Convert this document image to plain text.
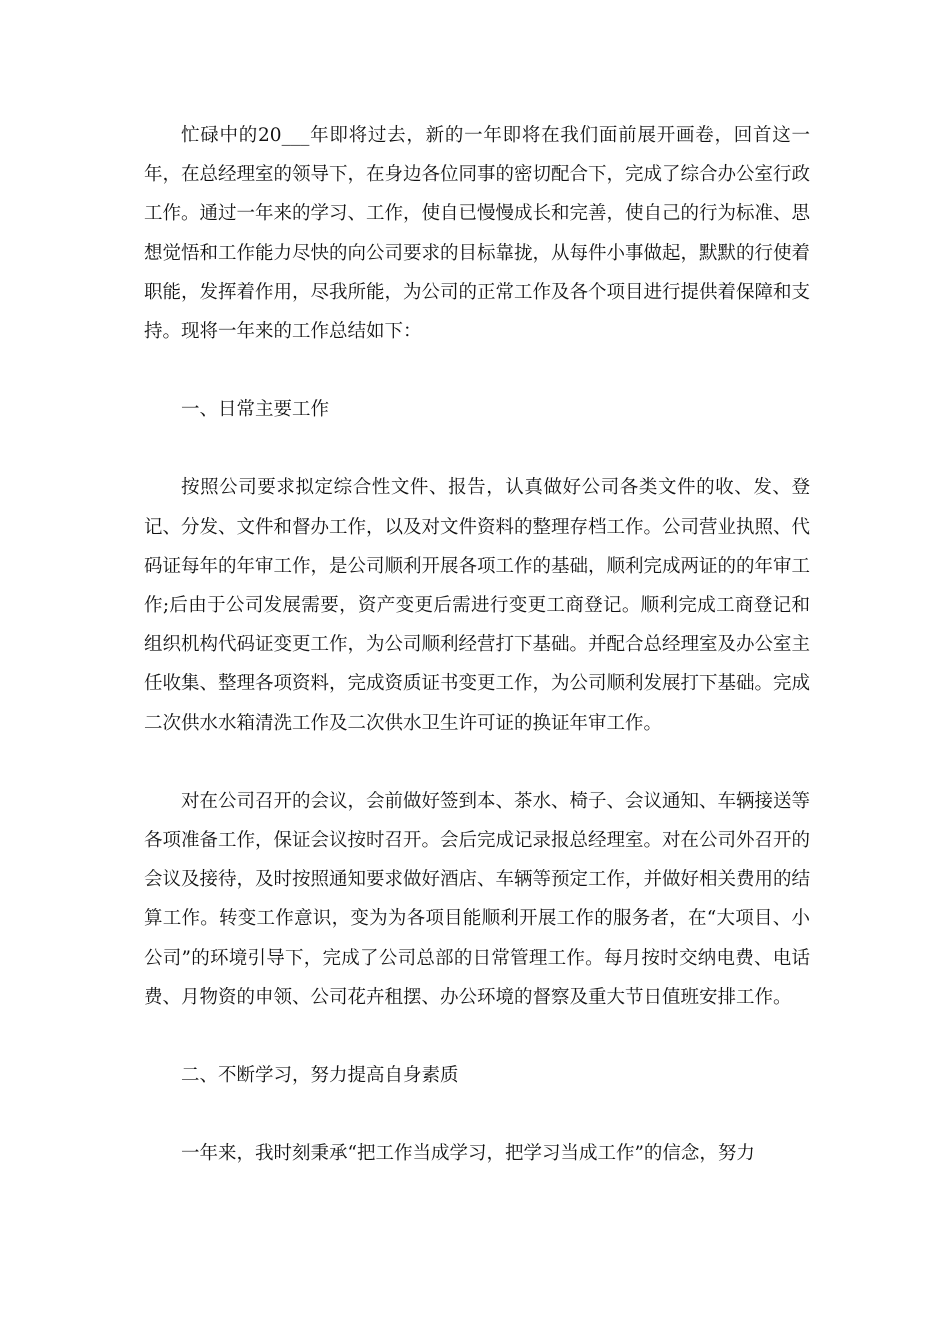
忙碌中的20___年即将过去，新的一年即将在我们面前展开画卷，回首这一年，在总经理室的领导下，在身边各位同事的密切配合下，完成了综合办公室行政工作。通过一年来的学习、工作，使自已慢慢成长和完善，使自己的行为标准、思想觉悟和工作能力尽快的向公司要求的目标靠拢，从每件小事做起，默默的行使着职能，发挥着作用，尽我所能，为公司的正常工作及各个项目进行提供着保障和支持。现将一年来的工作总结如下：

一、日常主要工作

按照公司要求拟定综合性文件、报告，认真做好公司各类文件的收、发、登记、分发、文件和督办工作，以及对文件资料的整理存档工作。公司营业执照、代码证每年的年审工作，是公司顺利开展各项工作的基础，顺利完成两证的的年审工作;后由于公司发展需要，资产变更后需进行变更工商登记。顺利完成工商登记和组织机构代码证变更工作，为公司顺利经营打下基础。并配合总经理室及办公室主任收集、整理各项资料，完成资质证书变更工作，为公司顺利发展打下基础。完成二次供水水箱清洗工作及二次供水卫生许可证的换证年审工作。

对在公司召开的会议，会前做好签到本、茶水、椅子、会议通知、车辆接送等各项准备工作，保证会议按时召开。会后完成记录报总经理室。对在公司外召开的会议及接待，及时按照通知要求做好酒店、车辆等预定工作，并做好相关费用的结算工作。转变工作意识，变为为各项目能顺利开展工作的服务者，在“大项目、小公司”的环境引导下，完成了公司总部的日常管理工作。每月按时交纳电费、电话费、月物资的申领、公司花卉租摆、办公环境的督察及重大节日值班安排工作。

二、不断学习，努力提高自身素质

一年来，我时刻秉承“把工作当成学习，把学习当成工作”的信念，努力
